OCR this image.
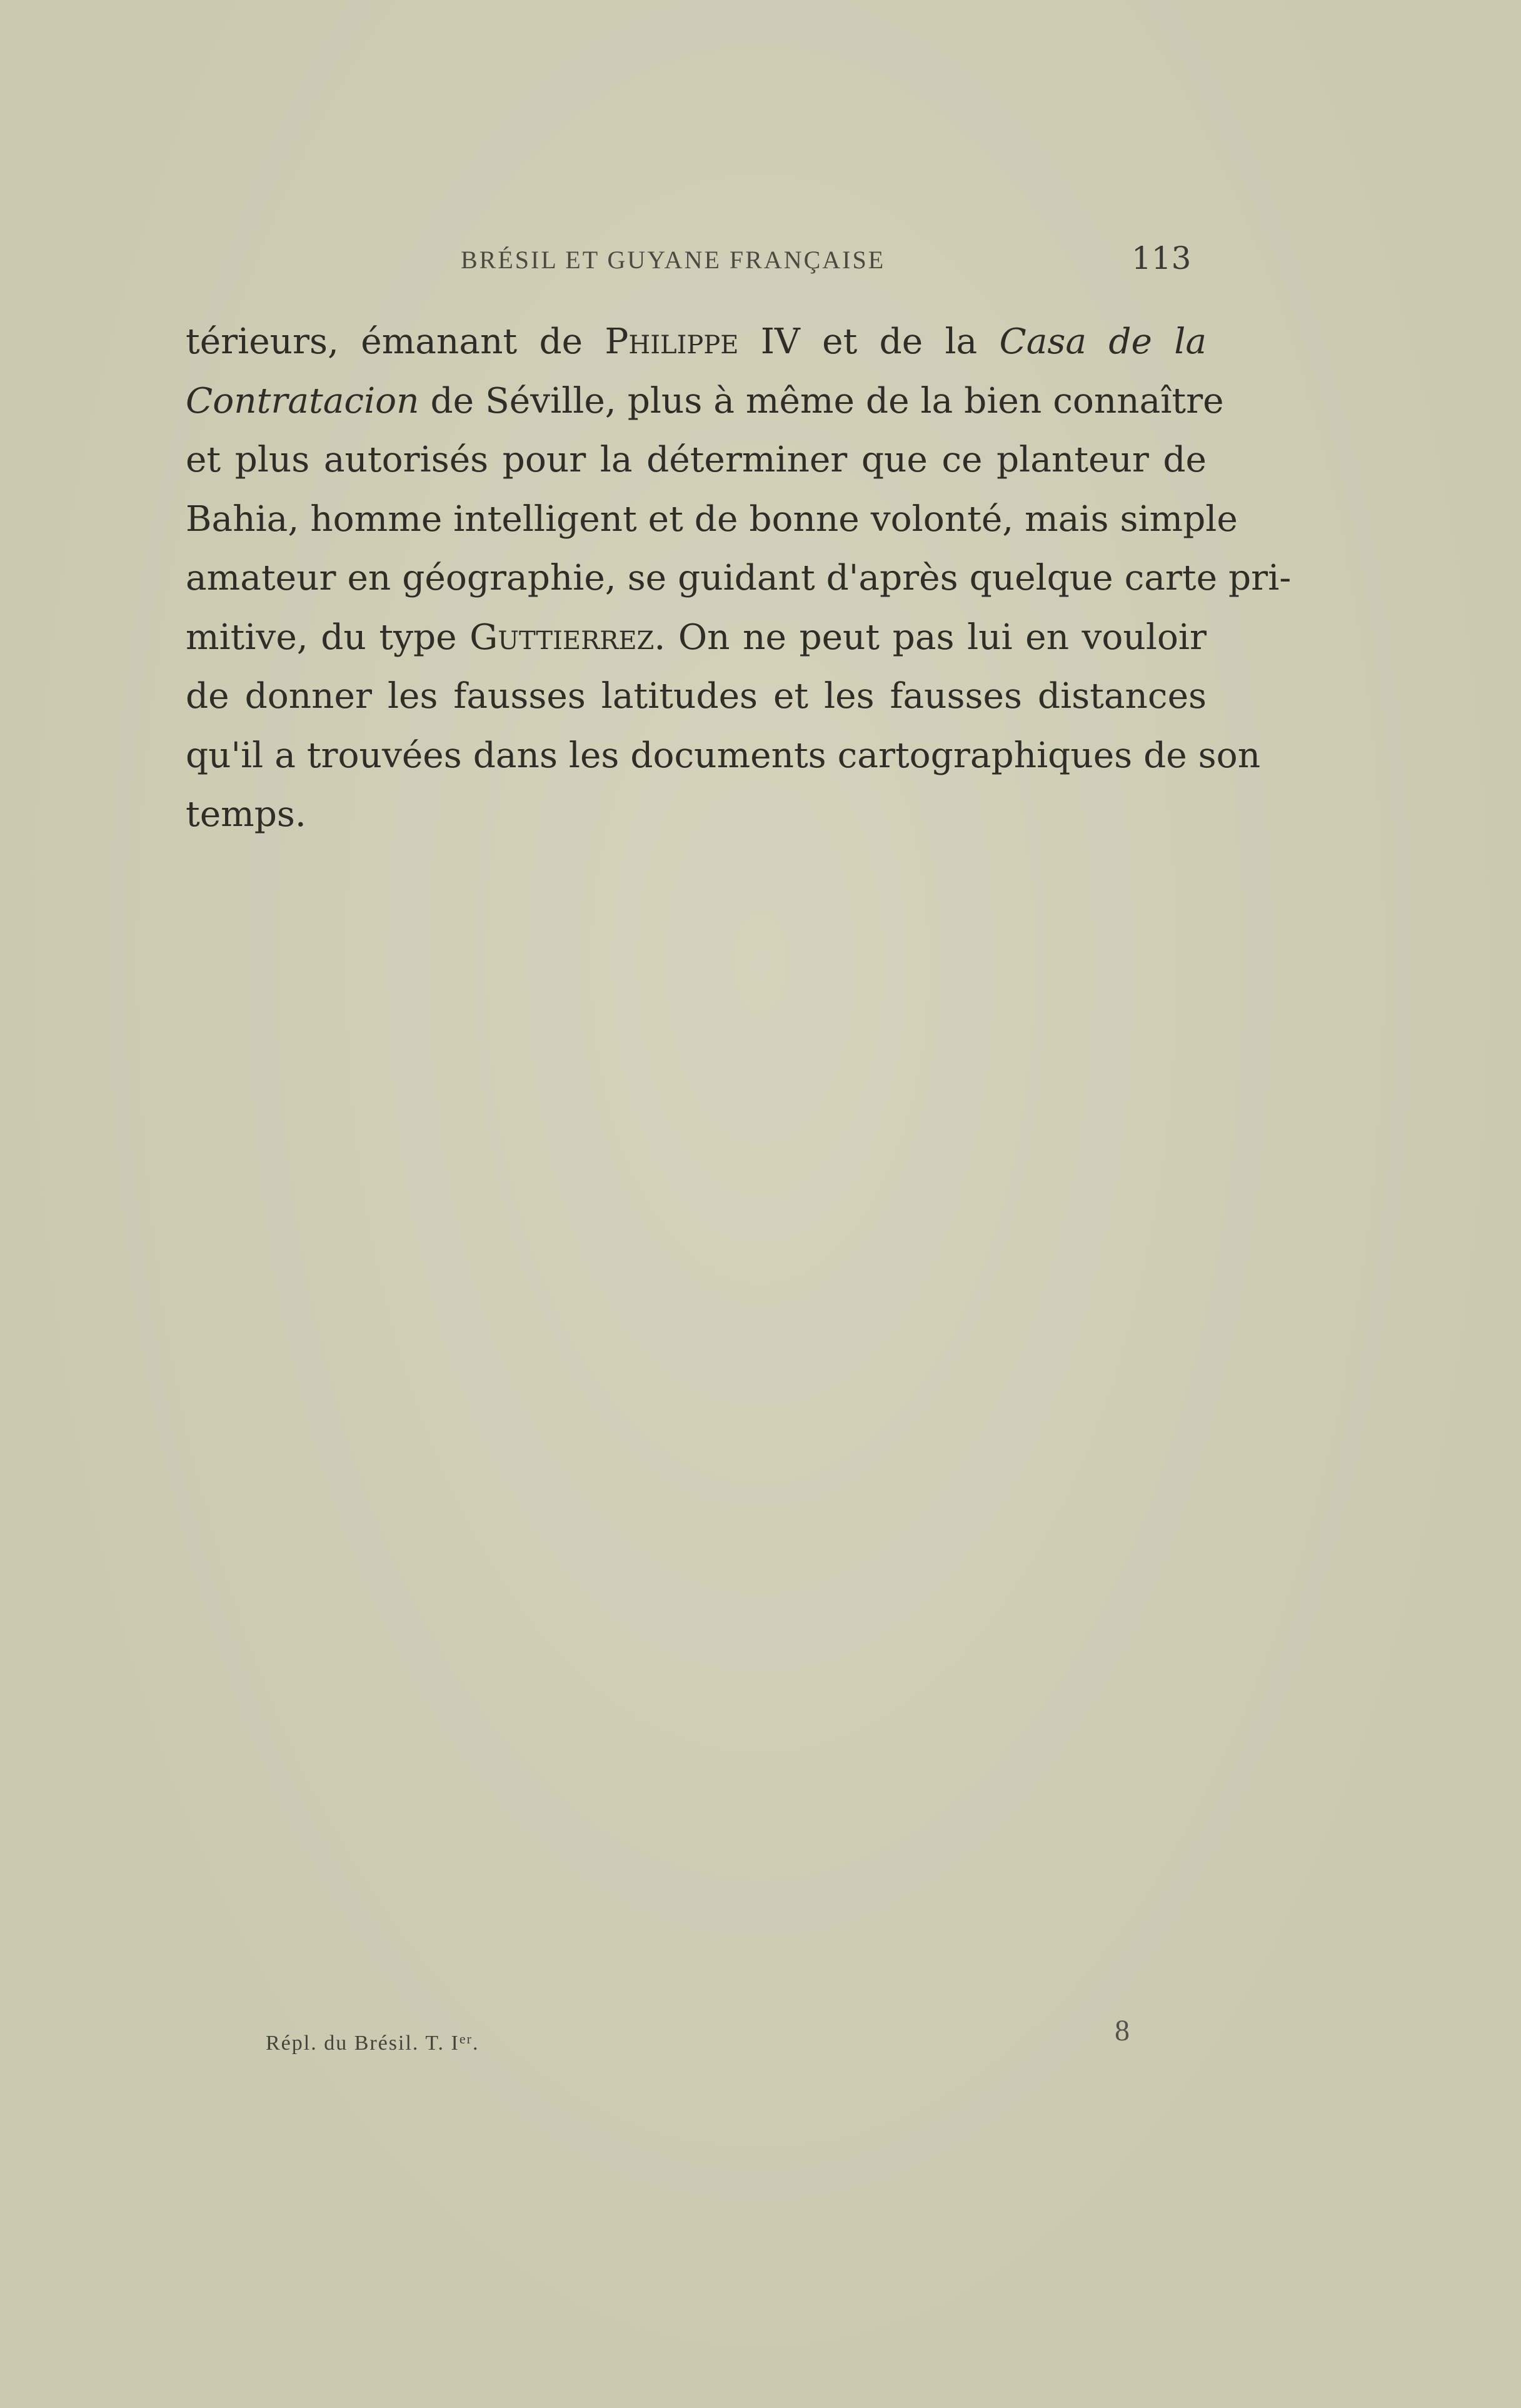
BRÉSIL ET GUYANE FRANÇAISE	113
térieurs, émanant de Philippe IV et de la Casa de la
Contratacion de Séville, plus à même de la bien connaître
et plus autorisés pour la déterminer que ce planteur de
Bahia, homme intelligent et de bonne volonté, mais simple
amateur en géographie, se guidant d'après quelque carte pri-
mitive, du type Guttierrez. On ne peut pas lui en vouloir
de donner les fausses latitudes et les fausses distances
qu'il a trouvées dans les documents cartographiques de son
temps.
Répl. du Brésil. T. Ier.	8
